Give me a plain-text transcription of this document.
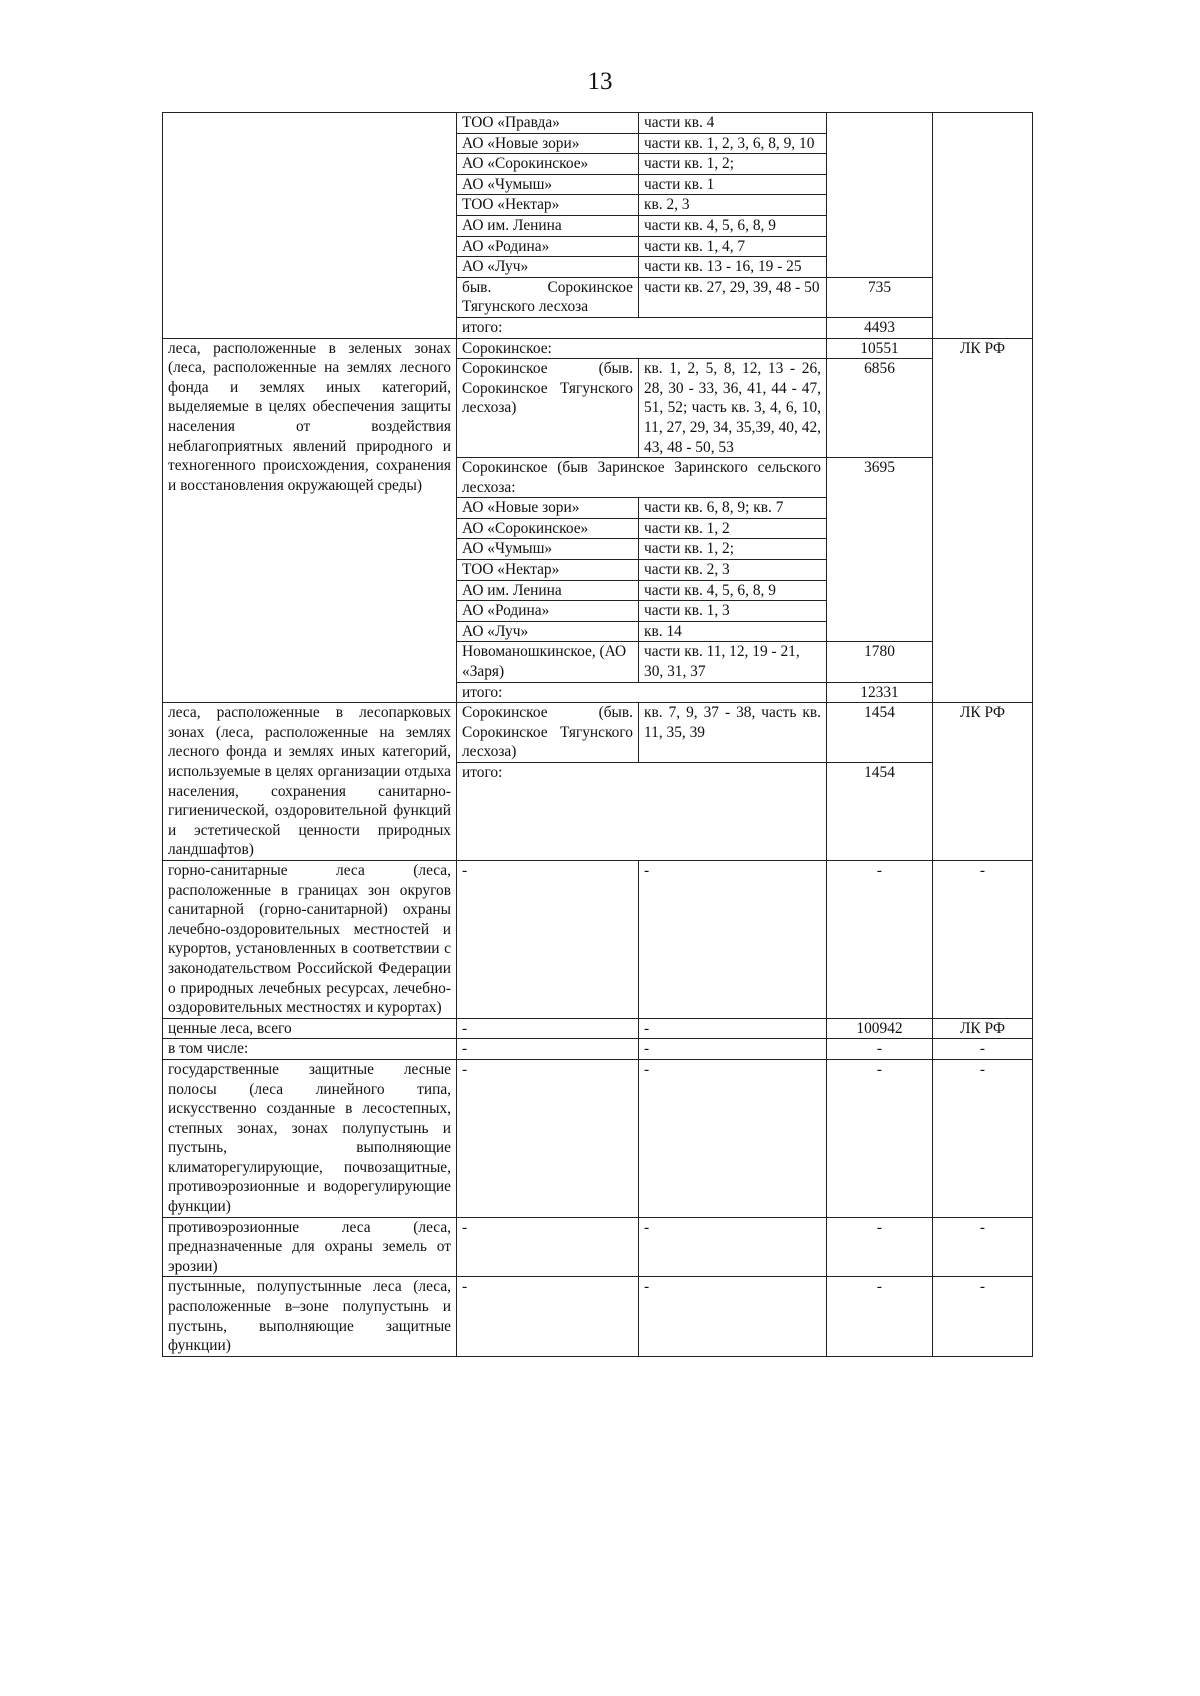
13
	ТОО «Правда»	части кв. 4		
	АО «Новые зори»	части кв. 1, 2, 3, 6, 8, 9, 10		
	АО «Сорокинское»	части кв. 1, 2;		
	АО «Чумыш»	части кв. 1		
	ТОО «Нектар»	кв. 2, 3		
	АО им. Ленина	части кв. 4, 5, 6, 8, 9		
	АО «Родина»	части кв. 1, 4, 7		
	АО «Луч»	части кв. 13 - 16, 19 - 25		
	быв. Сорокинское Тягунского лесхоза	части кв. 27, 29, 39, 48 - 50	735	
	итого:		4493	
леса, расположенные в зеленых зонах (леса, расположенные на землях лесного фонда и землях иных категорий, выделяемые в целях обеспечения защиты населения от воздействия неблагоприятных явлений природного и техногенного происхождения, сохранения и восстановления окружающей среды)	Сорокинское:		10551	ЛК РФ
	Сорокинское (быв. Сорокинское Тягунского лесхоза)	кв. 1, 2, 5, 8, 12, 13 - 26, 28, 30 - 33, 36, 41, 44 - 47, 51, 52; часть кв. 3, 4, 6, 10, 11, 27, 29, 34, 35,39, 40, 42, 43, 48 - 50, 53	6856	
	Сорокинское (быв Заринское Заринского сельского лесхоза:		3695	
	АО «Новые зори»	части кв. 6, 8, 9; кв. 7		
	АО «Сорокинское»	части кв. 1, 2		
	АО «Чумыш»	части кв. 1, 2;		
	ТОО «Нектар»	части кв. 2, 3		
	АО им. Ленина	части кв. 4, 5, 6, 8, 9		
	АО «Родина»	части кв. 1, 3		
	АО «Луч»	кв. 14		
	Новоманошкинское, (АО «Заря)	части кв. 11, 12, 19 - 21, 30, 31, 37	1780	
	итого:		12331	
леса, расположенные в лесопарковых зонах (леса, расположенные на землях лесного фонда и землях иных категорий, используемые в целях организации отдыха населения, сохранения санитарно-гигиенической, оздоровительной функций и эстетической ценности природных ландшафтов)	Сорокинское (быв. Сорокинское Тягунского лесхоза)	кв. 7, 9, 37 - 38, часть кв. 11, 35, 39	1454	ЛК РФ
	итого:		1454	
горно-санитарные леса (леса, расположенные в границах зон округов санитарной (горно-санитарной) охраны лечебно-оздоровительных местностей и курортов, установленных в соответствии с законодательством Российской Федерации о природных лечебных ресурсах, лечебно-оздоровительных местностях и курортах)	-	-	-	-
ценные леса, всего	-	-	100942	ЛК РФ
в том числе:	-	-	-	-
государственные защитные лесные полосы (леса линейного типа, искусственно созданные в лесостепных, степных зонах, зонах полупустынь и пустынь, выполняющие климаторегулирующие, почвозащитные, противоэрозионные и водорегулирующие функции)	-	-	-	-
противоэрозионные леса (леса, предназначенные для охраны земель от эрозии)	-	-	-	-
пустынные, полупустынные леса (леса, расположенные в–зоне полупустынь и пустынь, выполняющие защитные функции)	-	-	-	-
